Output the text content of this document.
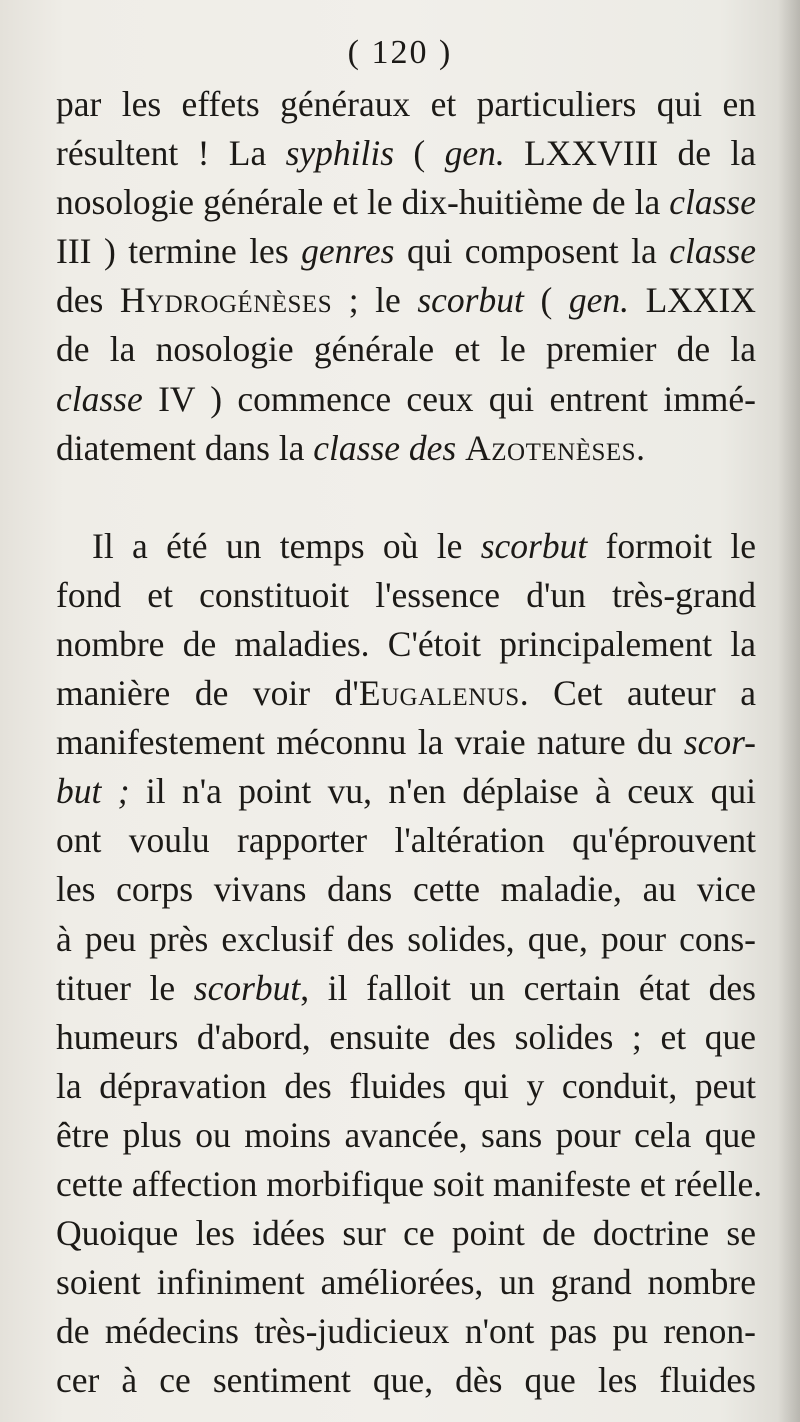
( 120 )
par les effets généraux et particuliers qui en
résultent ! La syphilis ( gen. LXXVIII de la
nosologie générale et le dix-huitième de la classe
III ) termine les genres qui composent la classe
des Hydrogénèses ; le scorbut ( gen. LXXIX
de la nosologie générale et le premier de la
classe IV ) commence ceux qui entrent immé-
diatement dans la classe des Azotenèses.
Il a été un temps où le scorbut formoit le
fond et constituoit l'essence d'un très-grand
nombre de maladies. C'étoit principalement la
manière de voir d'Eugalenus. Cet auteur a
manifestement méconnu la vraie nature du scor-
but ; il n'a point vu, n'en déplaise à ceux qui
ont voulu rapporter l'altération qu'éprouvent
les corps vivans dans cette maladie, au vice
à peu près exclusif des solides, que, pour cons-
tituer le scorbut, il falloit un certain état des
humeurs d'abord, ensuite des solides ; et que
la dépravation des fluides qui y conduit, peut
être plus ou moins avancée, sans pour cela que
cette affection morbifique soit manifeste et réelle.
Quoique les idées sur ce point de doctrine se
soient infiniment améliorées, un grand nombre
de médecins très-judicieux n'ont pas pu renon-
cer à ce sentiment que, dès que les fluides
